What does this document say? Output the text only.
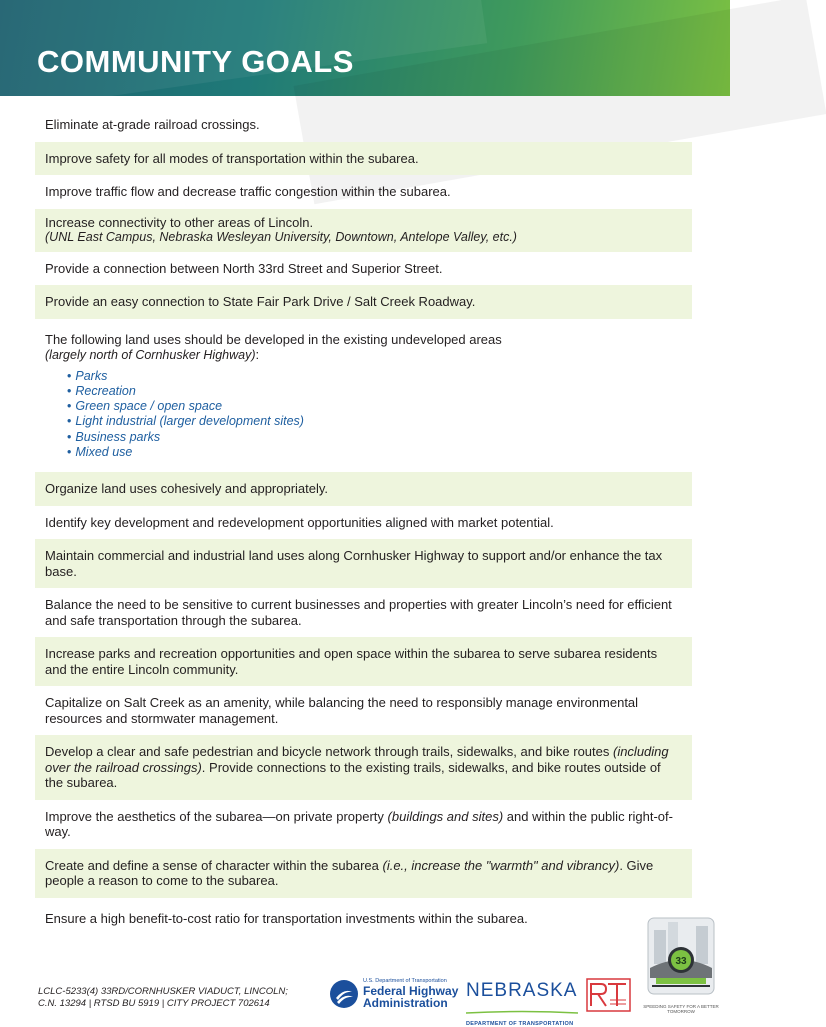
COMMUNITY GOALS
Eliminate at-grade railroad crossings.
Improve safety for all modes of transportation within the subarea.
Improve traffic flow and decrease traffic congestion within the subarea.
Increase connectivity to other areas of Lincoln.
(UNL East Campus, Nebraska Wesleyan University, Downtown, Antelope Valley, etc.)
Provide a connection between North 33rd Street and Superior Street.
Provide an easy connection to State Fair Park Drive / Salt Creek Roadway.
The following land uses should be developed in the existing undeveloped areas
(largely north of Cornhusker Highway):
• Parks
• Recreation
• Green space / open space
• Light industrial (larger development sites)
• Business parks
• Mixed use
Organize land uses cohesively and appropriately.
Identify key development and redevelopment opportunities aligned with market potential.
Maintain commercial and industrial land uses along Cornhusker Highway to support and/or enhance the tax base.
Balance the need to be sensitive to current businesses and properties with greater Lincoln’s need for efficient and safe transportation through the subarea.
Increase parks and recreation opportunities and open space within the subarea to serve subarea residents and the entire Lincoln community.
Capitalize on Salt Creek as an amenity, while balancing the need to responsibly manage environmental resources and stormwater management.
Develop a clear and safe pedestrian and bicycle network through trails, sidewalks, and bike routes (including over the railroad crossings). Provide connections to the existing trails, sidewalks, and bike routes outside of the subarea.
Improve the aesthetics of the subarea—on private property (buildings and sites) and within the public right-of-way.
Create and define a sense of character within the subarea (i.e., increase the "warmth" and vibrancy). Give people a reason to come to the subarea.
Ensure a high benefit-to-cost ratio for transportation investments within the subarea.
LCLC-5233(4) 33RD/CORNHUSKER VIADUCT, LINCOLN;
C.N. 13294 | RTSD BU 5919 | CITY PROJECT 702614
U.S. Department of Transportation
Federal Highway
Administration
NEBRASKA
DEPARTMENT OF TRANSPORTATION
33
SPEEDING SAFETY FOR A BETTER TOMORROW
